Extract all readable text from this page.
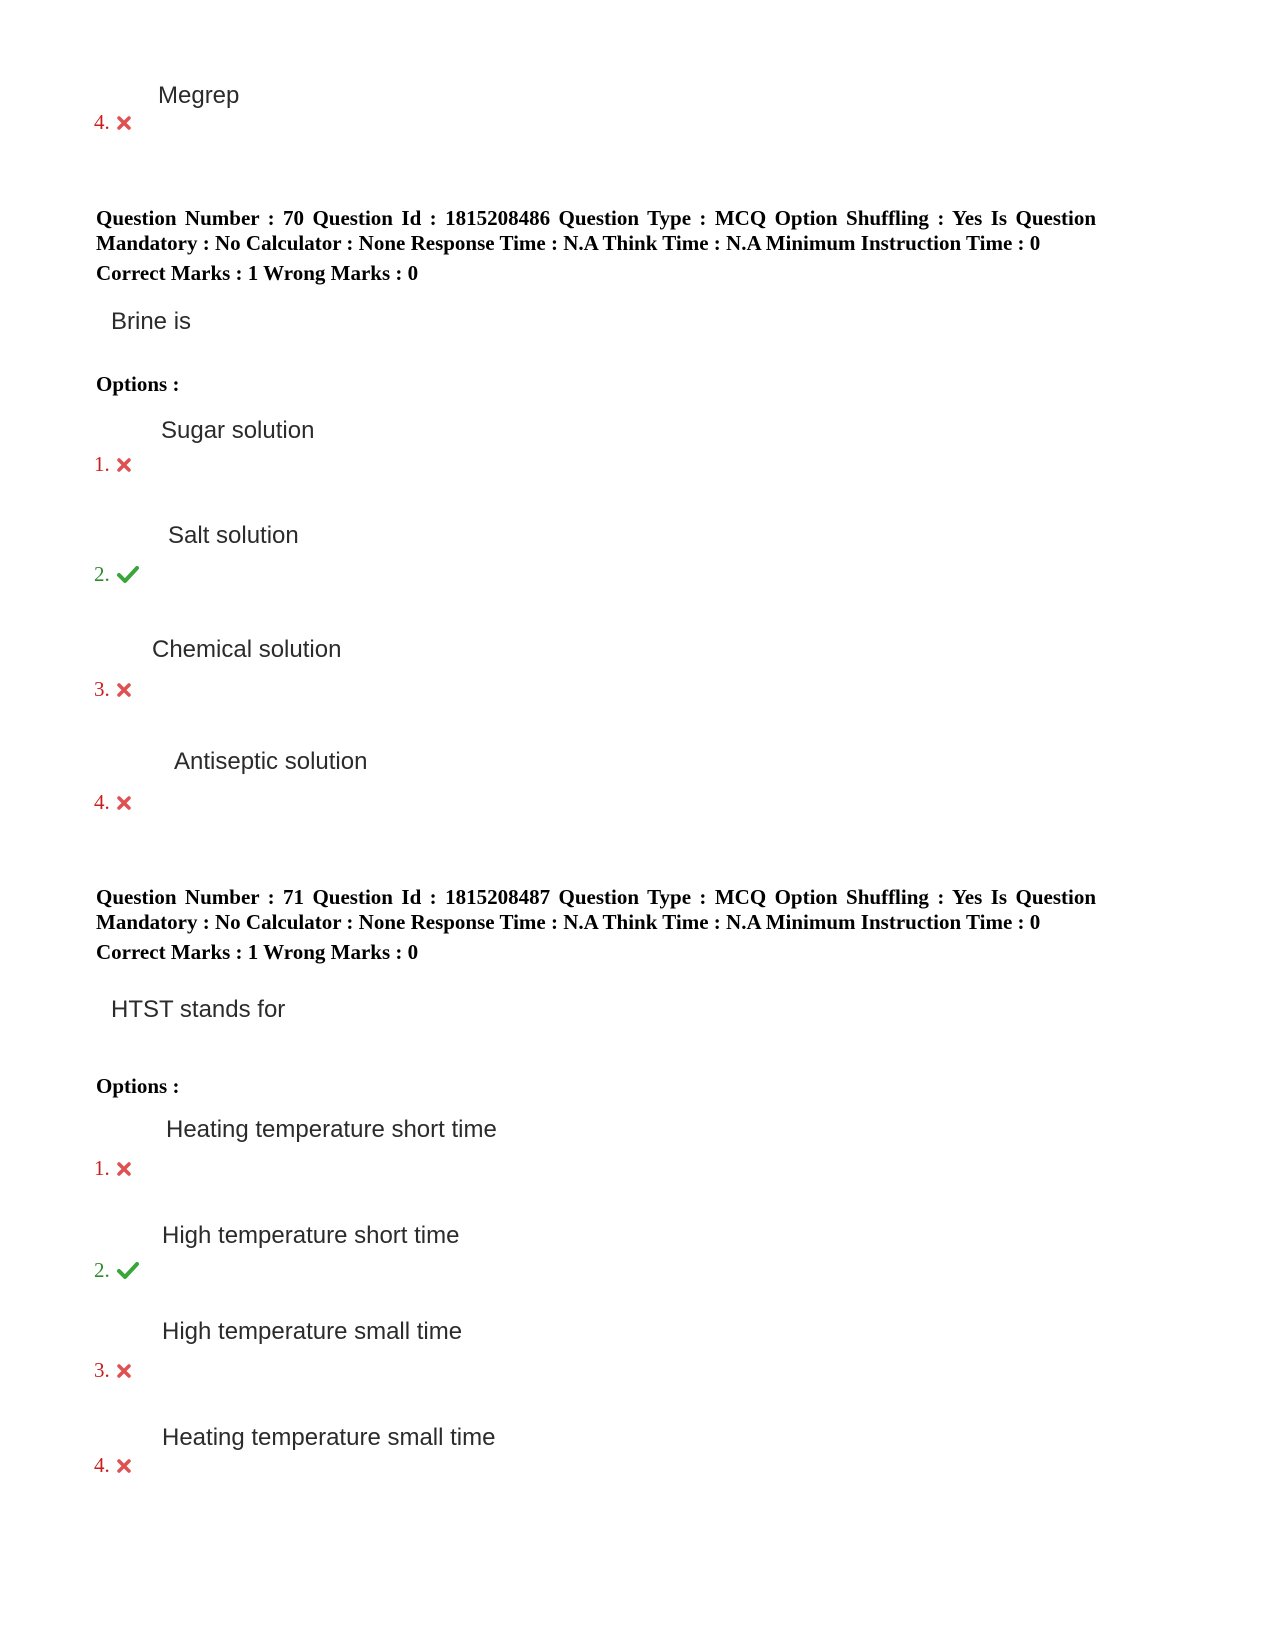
Megrep
4.
Question Number : 70 Question Id : 1815208486 Question Type : MCQ Option Shuffling : Yes Is Question Mandatory : No Calculator : None Response Time : N.A Think Time : N.A Minimum Instruction Time : 0
Correct Marks : 1 Wrong Marks : 0
Brine is
Options :
Sugar solution
1.
Salt solution
2.
Chemical solution
3.
Antiseptic solution
4.
Question Number : 71 Question Id : 1815208487 Question Type : MCQ Option Shuffling : Yes Is Question Mandatory : No Calculator : None Response Time : N.A Think Time : N.A Minimum Instruction Time : 0
Correct Marks : 1 Wrong Marks : 0
HTST stands for
Options :
Heating temperature short time
1.
High temperature short time
2.
High temperature small time
3.
Heating temperature small time
4.
